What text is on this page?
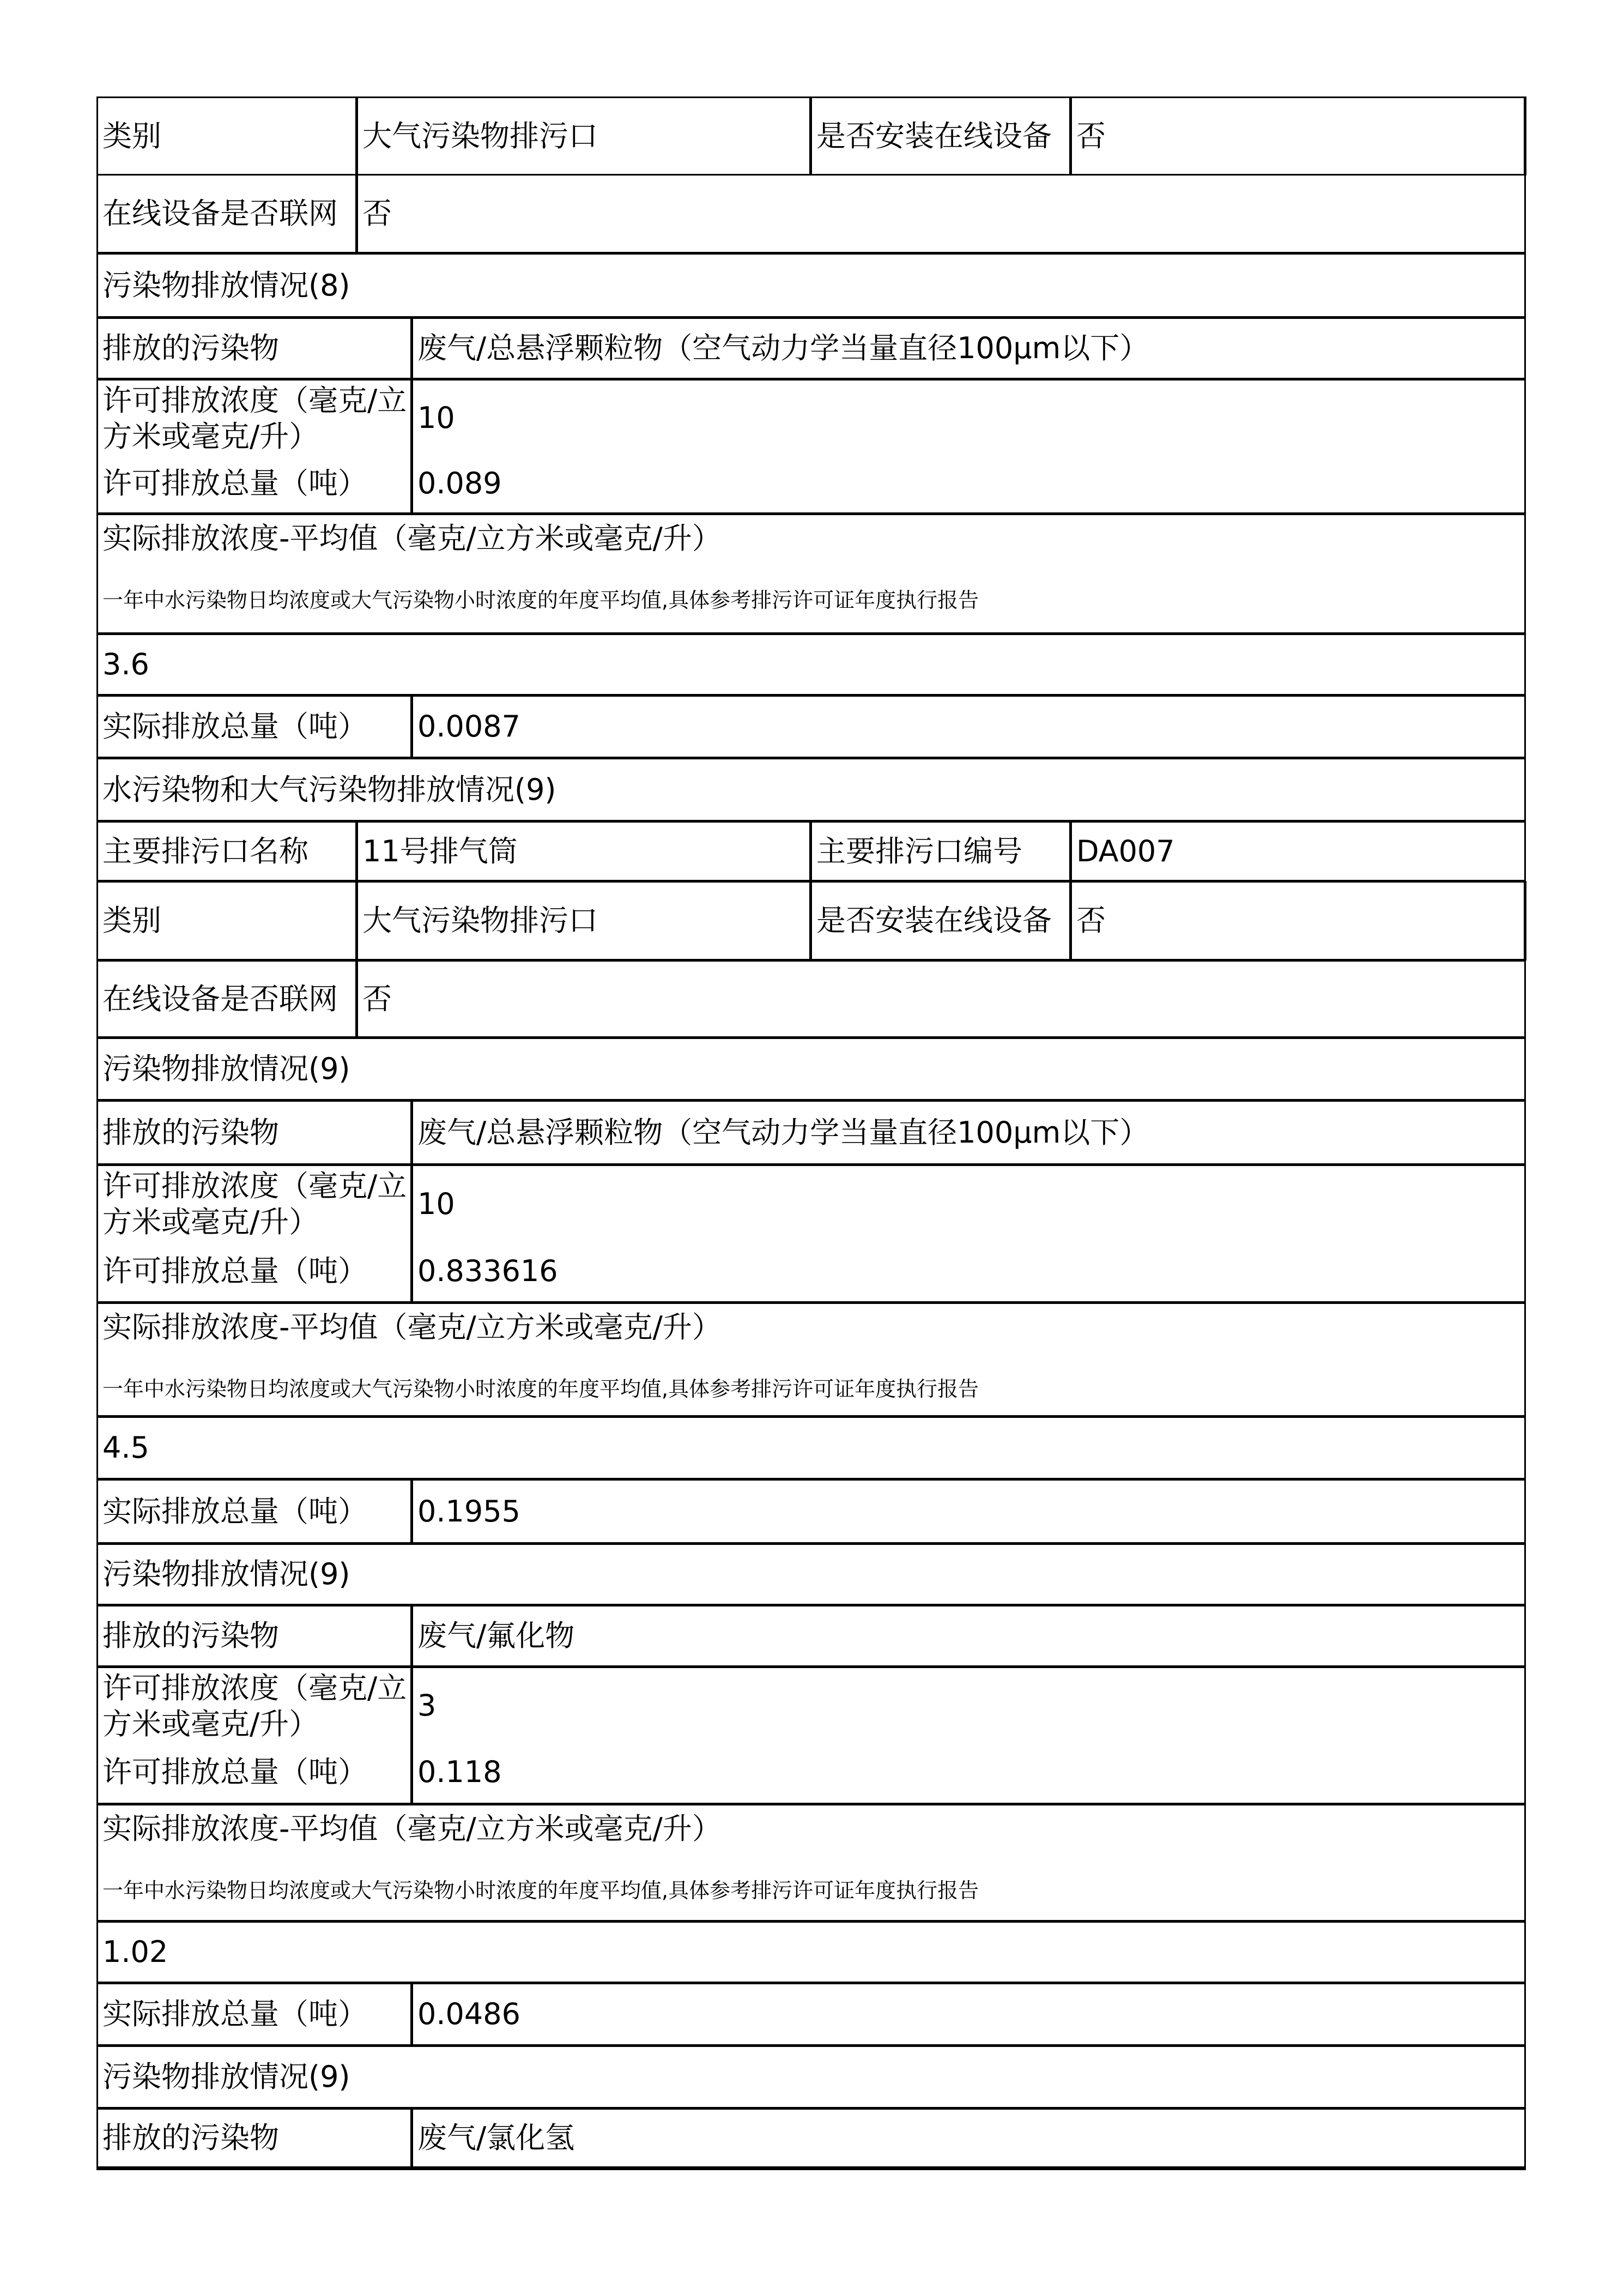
类别	大气污染物排污口	是否安装在线设备 否
在线设备是否联网 否
污染物排放情况(8)
排放的污染物	废气/总悬浮颗粒物（空气动力学当量直径100μm以下）
许可排放浓度（毫克/立方米或毫克/升）
10
许可排放总量（吨） 0.089
实际排放浓度-平均值（毫克/立方米或毫克/升）
一年中水污染物日均浓度或大气污染物小时浓度的年度平均值,具体参考排污许可证年度执行报告
3.6
实际排放总量（吨） 0.0087
水污染物和大气污染物排放情况(9)
主要排污口名称 11号排气筒	主要排污口编号 DA007
类别	大气污染物排污口	是否安装在线设备 否
在线设备是否联网 否
污染物排放情况(9)
排放的污染物	废气/总悬浮颗粒物（空气动力学当量直径100μm以下）
许可排放浓度（毫克/立方米或毫克/升）
10
许可排放总量（吨） 0.833616
实际排放浓度-平均值（毫克/立方米或毫克/升）
一年中水污染物日均浓度或大气污染物小时浓度的年度平均值,具体参考排污许可证年度执行报告
4.5
实际排放总量（吨） 0.1955
污染物排放情况(9)
排放的污染物	废气/氟化物
许可排放浓度（毫克/立方米或毫克/升）
3
许可排放总量（吨） 0.118
实际排放浓度-平均值（毫克/立方米或毫克/升）
一年中水污染物日均浓度或大气污染物小时浓度的年度平均值,具体参考排污许可证年度执行报告
1.02
实际排放总量（吨） 0.0486
污染物排放情况(9)
排放的污染物	废气/氯化氢
